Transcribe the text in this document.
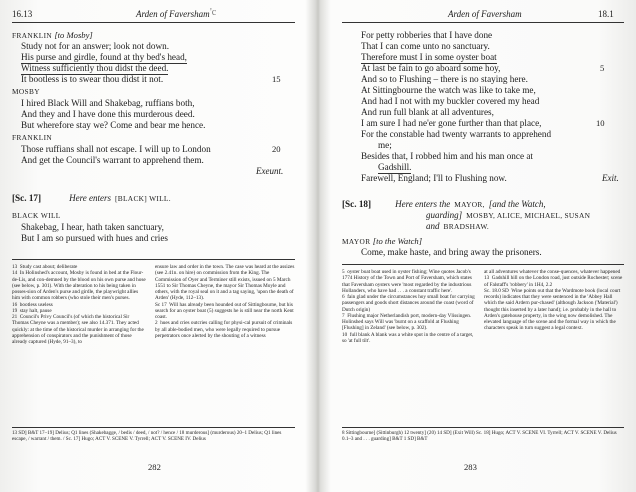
16.13	Arden of Faversham 'c
FRANKLIN [to Mosby]
Study not for an answer; look not down.
His purse and girdle, found at thy bed's head,
Witness sufficiently thou didst the deed.
15
It bootless is to swear thou didst it not.
MOSBY
I hired Black Will and Shakebag, ruffians both,
And they and I have done this murderous deed.
But wherefore stay we? Come and bear me hence.
FRANKLIN
Those ruffians shall not escape. I will up to London	20
And get the Council's warrant to apprehend them.
Exeunt.
[Sc. 17]	Here enters [BLACK] WILL.
BLACK WILL
Shakebag, I hear, hath taken sanctuary,
But I am so pursued with hues and cries
13 Study cast about; deliberate
14 In Holinshed's account, Mosby is found in bed at the Flour-de-Lis, and con-demned by the blood on his own purse and hose (see below, p. 301). With the alteration to his being taken in posses-sion of Arden's purse and girdle, the playwright allies him with common robbers (who stole their men's purses.
16 bootless useless
19 stay halt, pause
21 Council's Privy Council's (of which the historical Sir Thomas Cheyne was a member); see also 14.371. They acted quickly: at the time of the historical murder in arranging for the apprehension of conspirators and the punishment of those already captured (Hyde, 91–3), to
ensure law and order in the town. The case was heard at the assizes (see 2.41n. on hire) on commission from the King. The Commission of Oyer and Terminer still exists, issued on 5 March 1551 to Sir Thomas Cheyne, the mayor Sir Thomas Moyle and others, with the royal seal on it and a tag saying, 'upon the death of Arden' (Hyde, 112–13).
Sc 17 Will has already been hounded out of Sittingbourne, but his search for an oyster boat (5) suggests he is still near the north Kent coast.
2 hues and cries outcries calling for physi-cal pursuit of criminals by all able-bodied men, who were legally required to pursue perpetrators once alerted by the shouting of a witness
13 SD] B&T 17–19] Delius; Q1 lines (Shakebagge, / bedis / deed, / not? / hence / 18 murderous] (murderous) 20–1 Delius; Q1 lines escape, / warrant / them. / Sc. 17] Hugo; ACT V. SCENE V. Tyrrell; ACT V. SCENE IV. Delius
282
Arden of Faversham	18.1
For petty robberies that I have done
That I can come unto no sanctuary.
Therefore must I in some oyster boat
5
At last be fain to go aboard some hoy,
And so to Flushing – there is no staying here.
At Sittingbourne the watch was like to take me,
And had I not with my buckler covered my head
And run full blank at all adventures,
I am sure I had ne'er gone further than that place,	10
For the constable had twenty warrants to apprehend
me;
Besides that, I robbed him and his man once at
Gadshill.
Farewell, England; I'll to Flushing now.	Exit.
[Sc. 18]	Here enters the MAYOR, [and the Watch,
guarding] MOSBY, ALICE, MICHAEL, SUSAN
and BRADSHAW.
MAYOR [to the Watch]
Come, make haste, and bring away the prisoners.
5 oyster boat boat used in oyster fishing; Wine quotes Jacob's 1774 History of the Town and Port of Faversham, which states that Faversham oysters were 'most regarded by the industrious Hollanders, who have had . . . a constant traffic here'.
6 fain glad under the circumstances hoy small boat for carrying passengers and goods short distances around the coast (word of Dutch origin)
7 Flushing major Netherlandish port, modern-day Vlissingen. Holinshed says Will was 'burnt on a scaffold at Flushing [Flushing] in Zeland' (see below, p. 302).
10 full blank A blank was a white spot in the centre of a target, so 'at full tilt'.
at all adventures whatever the conse-quences, whatever happened
13 Gadshill hill on the London road, just outside Rochester; scene of Falstaff's 'robbery' in 1H4, 2.2
Sc. 18.0 SD Wine points out that the Wardmote book (local court records) indicates that they were sentenced in the 'Abbey Hall which the said Ardern pur-chased' (although Jackson ('Material') thought this inserted by a later hand); i.e. probably in the hall to Arden's gatehouse property, in the wing now demolished. The elevated language of the scene and the formal way in which the characters speak in turn suggest a legal context.
8 Sittingbourne] (Sittinburgh) 12 twenty] (20) 14 SD] (Exit Will) Sc. 18] Hugo; ACT V. SCENE VI. Tyrrell; ACT V. SCENE V. Delius 0.1–3 and . . . guarding] B&T 1 SD] B&T
283
